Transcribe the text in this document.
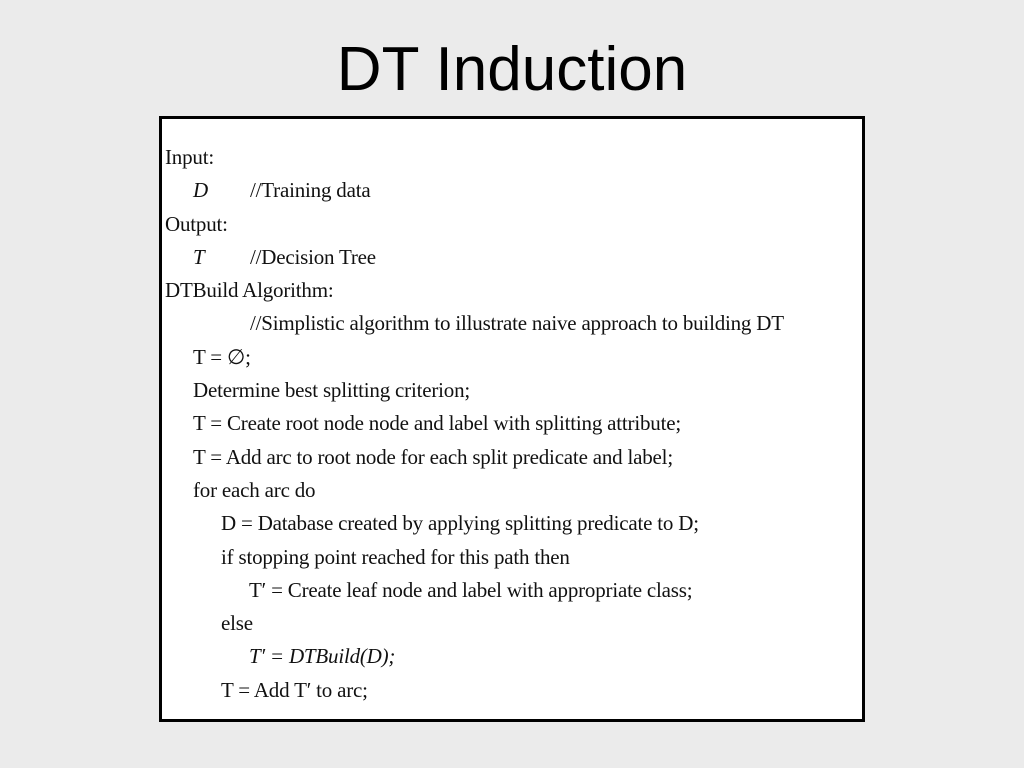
DT Induction
Input:
D //Training data
Output:
T //Decision Tree
DTBuild Algorithm:
//Simplistic algorithm to illustrate naive approach to building DT
T = ∅;
Determine best splitting criterion;
T = Create root node node and label with splitting attribute;
T = Add arc to root node for each split predicate and label;
for each arc do
D = Database created by applying splitting predicate to D;
if stopping point reached for this path then
T′ = Create leaf node and label with appropriate class;
else
T′ = DTBuild(D);
T = Add T′ to arc;
